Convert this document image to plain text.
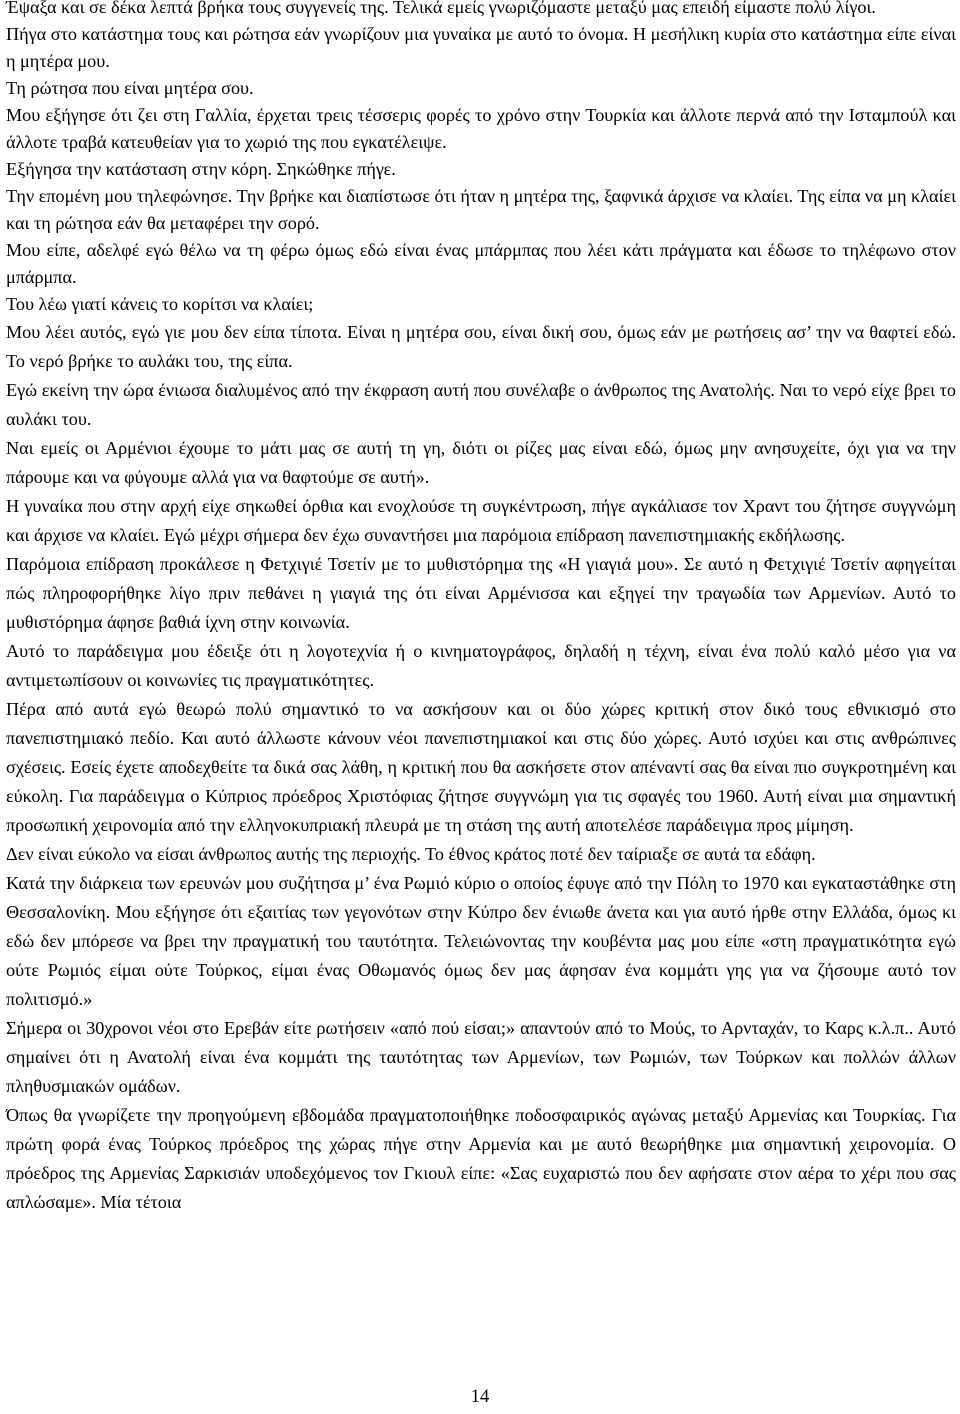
Έψαξα και σε δέκα λεπτά βρήκα τους συγγενείς της. Τελικά εμείς γνωριζόμαστε μεταξύ μας επειδή είμαστε πολύ λίγοι.

Πήγα στο κατάστημα τους και ρώτησα εάν γνωρίζουν μια γυναίκα με αυτό το όνομα. Η μεσήλικη κυρία στο κατάστημα είπε είναι η μητέρα μου.

Τη ρώτησα που είναι μητέρα σου.

Μου εξήγησε ότι ζει στη Γαλλία, έρχεται τρεις τέσσερις φορές το χρόνο στην Τουρκία και άλλοτε περνά από την Ισταμπούλ και άλλοτε τραβά κατευθείαν για το χωριό της που εγκατέλειψε.

Εξήγησα την κατάσταση στην κόρη. Σηκώθηκε πήγε.

Την επομένη μου τηλεφώνησε. Την βρήκε και διαπίστωσε ότι ήταν η μητέρα της, ξαφνικά άρχισε να κλαίει. Της είπα να μη κλαίει και τη ρώτησα εάν θα μεταφέρει την σορό.

Μου είπε, αδελφέ εγώ θέλω να τη φέρω όμως εδώ είναι ένας μπάρμπας που λέει κάτι πράγματα και έδωσε το τηλέφωνο στον μπάρμπα.

Του λέω γιατί κάνεις το κορίτσι να κλαίει;

Μου λέει αυτός, εγώ γιε μου δεν είπα τίποτα. Είναι η μητέρα σου, είναι δική σου, όμως εάν με ρωτήσεις ασ’ την να θαφτεί εδώ. Το νερό βρήκε το αυλάκι του, της είπα.

Εγώ εκείνη την ώρα ένιωσα διαλυμένος από την έκφραση αυτή που συνέλαβε ο άνθρωπος της Ανατολής. Ναι το νερό είχε βρει το αυλάκι του.

Ναι εμείς οι Αρμένιοι έχουμε το μάτι μας σε αυτή τη γη, διότι οι ρίζες μας είναι εδώ, όμως μην ανησυχείτε, όχι για να την πάρουμε και να φύγουμε αλλά για να θαφτούμε σε αυτή».

Η γυναίκα που στην αρχή είχε σηκωθεί όρθια και ενοχλούσε τη συγκέντρωση, πήγε αγκάλιασε τον Χραντ του ζήτησε συγγνώμη και άρχισε να κλαίει. Εγώ μέχρι σήμερα δεν έχω συναντήσει μια παρόμοια επίδραση πανεπιστημιακής εκδήλωσης.

Παρόμοια επίδραση προκάλεσε η Φετχιγιέ Τσετίν με το μυθιστόρημα της «Η γιαγιά μου». Σε αυτό η Φετχιγιέ Τσετίν αφηγείται πώς πληροφορήθηκε λίγο πριν πεθάνει η γιαγιά της ότι είναι Αρμένισσα και εξηγεί την τραγωδία των Αρμενίων. Αυτό το μυθιστόρημα άφησε βαθιά ίχνη στην κοινωνία.

Αυτό το παράδειγμα μου έδειξε ότι η λογοτεχνία ή ο κινηματογράφος, δηλαδή η τέχνη, είναι ένα πολύ καλό μέσο για να αντιμετωπίσουν οι κοινωνίες τις πραγματικότητες.

Πέρα από αυτά εγώ θεωρώ πολύ σημαντικό το να ασκήσουν και οι δύο χώρες κριτική στον δικό τους εθνικισμό στο πανεπιστημιακό πεδίο. Και αυτό άλλωστε κάνουν νέοι πανεπιστημιακοί και στις δύο χώρες. Αυτό ισχύει και στις ανθρώπινες σχέσεις. Εσείς έχετε αποδεχθείτε τα δικά σας λάθη, η κριτική που θα ασκήσετε στον απέναντί σας θα είναι πιο συγκροτημένη και εύκολη. Για παράδειγμα ο Κύπριος πρόεδρος Χριστόφιας ζήτησε συγγνώμη για τις σφαγές του 1960. Αυτή είναι μια σημαντική προσωπική χειρονομία από την ελληνοκυπριακή πλευρά με τη στάση της αυτή αποτελέσε παράδειγμα προς μίμηση.

Δεν είναι εύκολο να είσαι άνθρωπος αυτής της περιοχής. Το έθνος κράτος ποτέ δεν ταίριαξε σε αυτά τα εδάφη.

Κατά την διάρκεια των ερευνών μου συζήτησα μ’ ένα Ρωμιό κύριο ο οποίος έφυγε από την Πόλη το 1970 και εγκαταστάθηκε στη Θεσσαλονίκη. Μου εξήγησε ότι εξαιτίας των γεγονότων στην Κύπρο δεν ένιωθε άνετα και για αυτό ήρθε στην Ελλάδα, όμως κι εδώ δεν μπόρεσε να βρει την πραγματική του ταυτότητα. Τελειώνοντας την κουβέντα μας μου είπε «στη πραγματικότητα εγώ ούτε Ρωμιός είμαι ούτε Τούρκος, είμαι ένας Οθωμανός όμως δεν μας άφησαν ένα κομμάτι γης για να ζήσουμε αυτό τον πολιτισμό.»

Σήμερα οι 30χρονοι νέοι στο Ερεβάν είτε ρωτήσειν «από πού είσαι;» απαντούν από το Μούς, το Αρνταχάν, το Καρς κ.λ.π.. Αυτό σημαίνει ότι η Ανατολή είναι ένα κομμάτι της ταυτότητας των Αρμενίων, των Ρωμιών, των Τούρκων και πολλών άλλων πληθυσμιακών ομάδων.

Όπως θα γνωρίζετε την προηγούμενη εβδομάδα πραγματοποιήθηκε ποδοσφαιρικός αγώνας μεταξύ Αρμενίας και Τουρκίας. Για πρώτη φορά ένας Τούρκος πρόεδρος της χώρας πήγε στην Αρμενία και με αυτό θεωρήθηκε μια σημαντική χειρονομία. Ο πρόεδρος της Αρμενίας Σαρκισιάν υποδεχόμενος τον Γκιουλ είπε: «Σας ευχαριστώ που δεν αφήσατε στον αέρα το χέρι που σας απλώσαμε». Μία τέτοια

14
